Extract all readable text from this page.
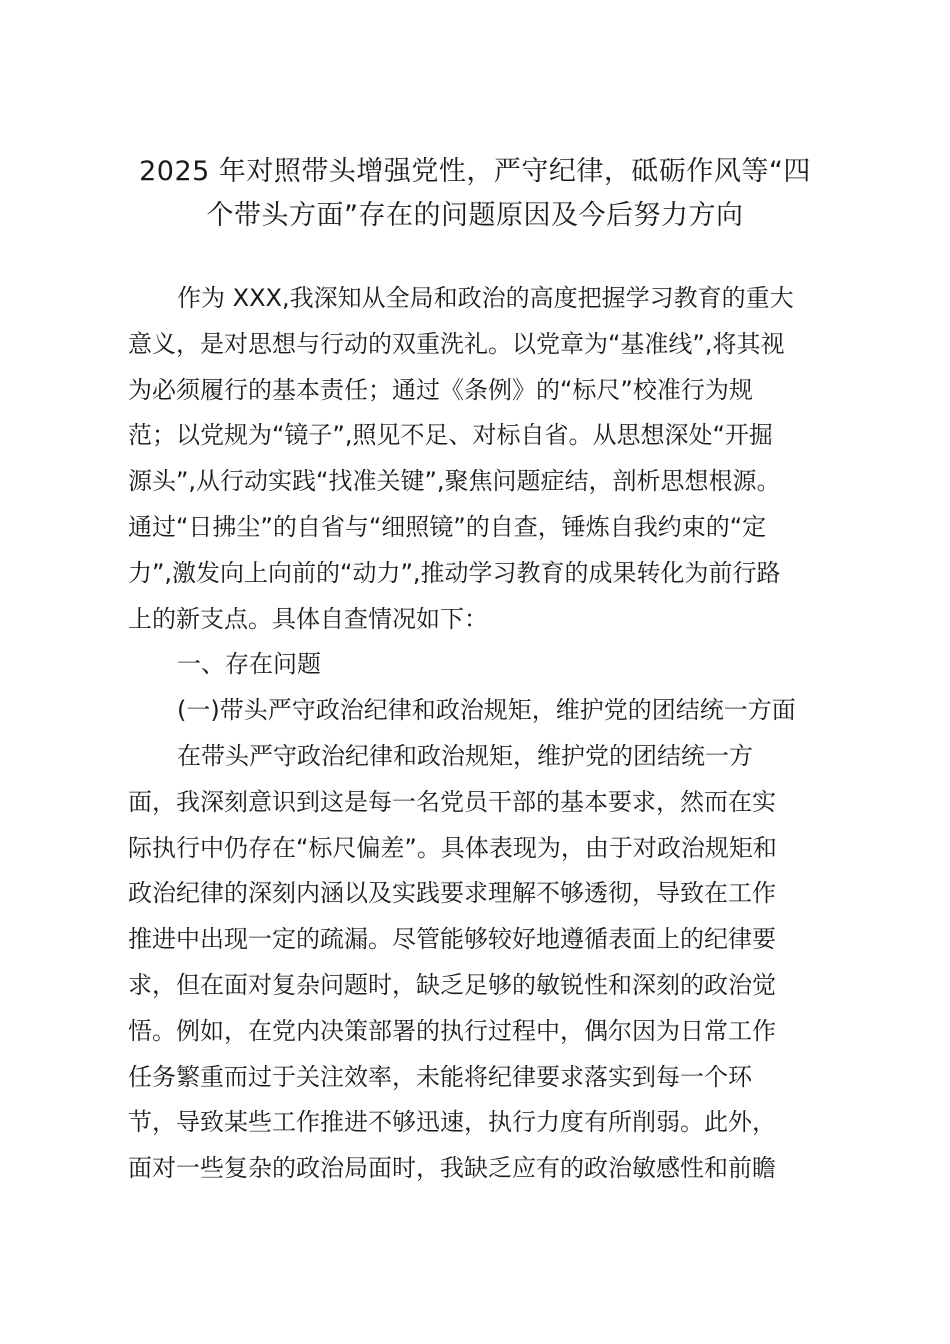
2025 年对照带头增强党性，严守纪律，砥砺作风等“四
个带头方面”存在的问题原因及今后努力方向
作为 XXX,我深知从全局和政治的高度把握学习教育的重大
意义，是对思想与行动的双重洗礼。以党章为“基准线”,将其视
为必须履行的基本责任；通过《条例》的“标尺”校准行为规
范；以党规为“镜子”,照见不足、对标自省。从思想深处“开掘
源头”,从行动实践“找准关键”,聚焦问题症结，剖析思想根源。
通过“日拂尘”的自省与“细照镜”的自查，锤炼自我约束的“定
力”,激发向上向前的“动力”,推动学习教育的成果转化为前行路
上的新支点。具体自查情况如下：
一、存在问题
(一)带头严守政治纪律和政治规矩，维护党的团结统一方面
在带头严守政治纪律和政治规矩，维护党的团结统一方
面，我深刻意识到这是每一名党员干部的基本要求，然而在实
际执行中仍存在“标尺偏差”。具体表现为，由于对政治规矩和
政治纪律的深刻内涵以及实践要求理解不够透彻，导致在工作
推进中出现一定的疏漏。尽管能够较好地遵循表面上的纪律要
求，但在面对复杂问题时，缺乏足够的敏锐性和深刻的政治觉
悟。例如，在党内决策部署的执行过程中，偶尔因为日常工作
任务繁重而过于关注效率，未能将纪律要求落实到每一个环
节，导致某些工作推进不够迅速，执行力度有所削弱。此外，
面对一些复杂的政治局面时，我缺乏应有的政治敏感性和前瞻
